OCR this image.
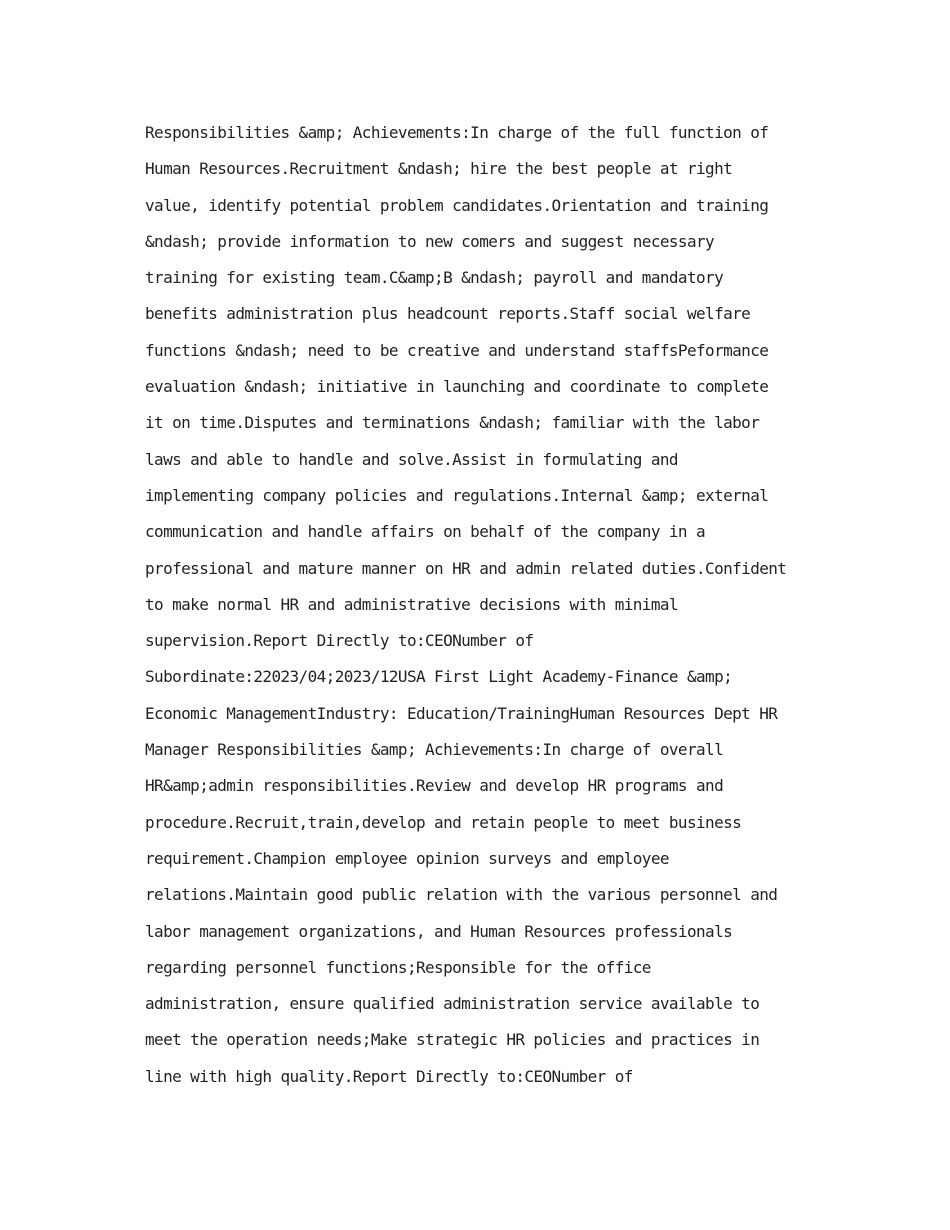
Responsibilities &amp; Achievements:In charge of the full function of
Human Resources.Recruitment &ndash; hire the best people at right
value, identify potential problem candidates.Orientation and training
&ndash; provide information to new comers and suggest necessary
training for existing team.C&amp;B &ndash; payroll and mandatory
benefits administration plus headcount reports.Staff social welfare
functions &ndash; need to be creative and understand staffsPeformance
evaluation &ndash; initiative in launching and coordinate to complete
it on time.Disputes and terminations &ndash; familiar with the labor
laws and able to handle and solve.Assist in formulating and
implementing company policies and regulations.Internal &amp; external
communication and handle affairs on behalf of the company in a
professional and mature manner on HR and admin related duties.Confident
to make normal HR and administrative decisions with minimal
supervision.Report Directly to:CEONumber of
Subordinate:22023/04;2023/12USA First Light Academy-Finance &amp;
Economic ManagementIndustry: Education/TrainingHuman Resources Dept HR
Manager Responsibilities &amp; Achievements:In charge of overall
HR&amp;admin responsibilities.Review and develop HR programs and
procedure.Recruit,train,develop and retain people to meet business
requirement.Champion employee opinion surveys and employee
relations.Maintain good public relation with the various personnel and
labor management organizations, and Human Resources professionals
regarding personnel functions;Responsible for the office
administration, ensure qualified administration service available to
meet the operation needs;Make strategic HR policies and practices in
line with high quality.Report Directly to:CEONumber of
